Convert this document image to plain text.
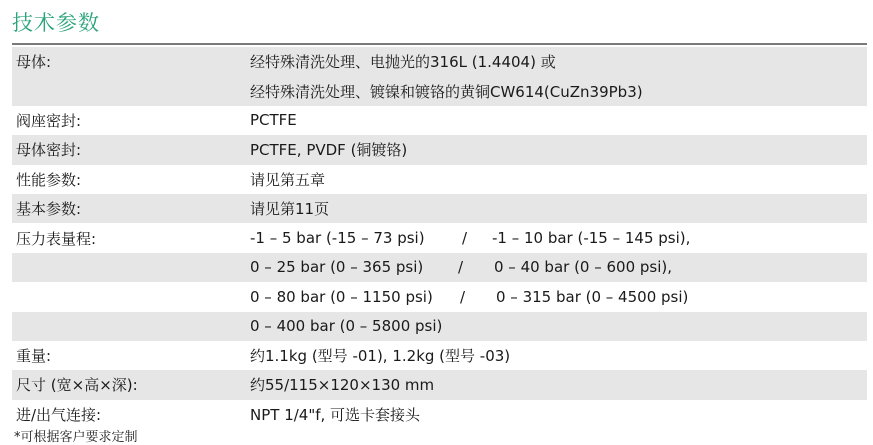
技术参数
母体:	经特殊清洗处理、电抛光的316L (1.4404) 或
经特殊清洗处理、镀镍和镀铬的黄铜CW614(CuZn39Pb3)
阀座密封:	PCTFE
母体密封:	PCTFE, PVDF (铜镀铬)
性能参数:	请见第五章
基本参数:	请见第11页
压力表量程:	-1 – 5 bar (-15 – 73 psi) / -1 – 10 bar (-15 – 145 psi),
0 – 25 bar (0 – 365 psi) / 0 – 40 bar (0 – 600 psi),
0 – 80 bar (0 – 1150 psi) / 0 – 315 bar (0 – 4500 psi)
0 – 400 bar (0 – 5800 psi)
重量:	约1.1kg (型号 -01), 1.2kg (型号 -03)
尺寸 (宽×高×深):	约55/115×120×130 mm
进/出气连接:	NPT 1/4"f, 可选卡套接头
*可根据客户要求定制
